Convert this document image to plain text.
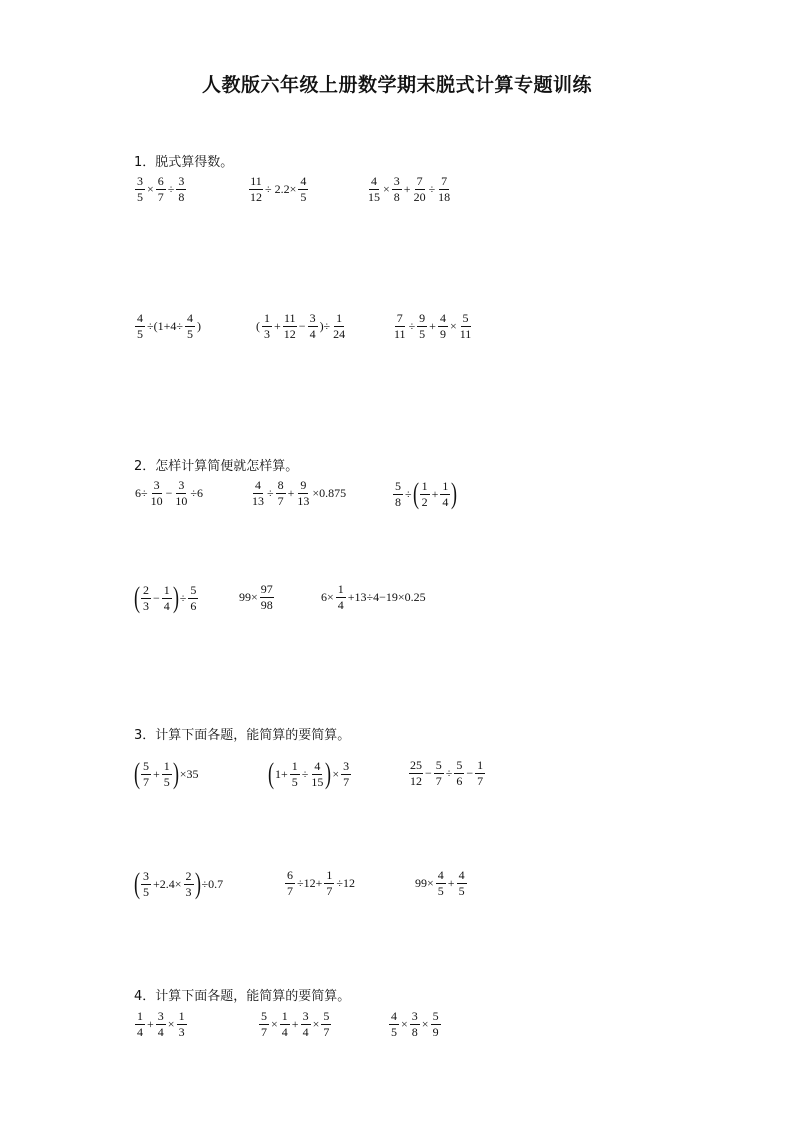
人教版六年级上册数学期末脱式计算专题训练
1．脱式算得数。
$\frac{3}{5} \times \frac{6}{7} \div \frac{3}{8}$	$\frac{11}{12} \div 2.2\times \frac{4}{5}$	$\frac{4}{15} \times \frac{3}{8} + \frac{7}{20} \div \frac{7}{18}$
$\frac{4}{5} \div(1+4\div \frac{4}{5}$ )	( $\frac{1}{3} + \frac{11}{12} - \frac{3}{4}$ )÷ $\frac{1}{24}$	$\frac{7}{11} \div \frac{9}{5} + \frac{4}{9} \times \frac{5}{11}$
2．怎样计算简便就怎样算。
$6\div \frac{3}{10} - \frac{3}{10} \div 6$	$\frac{4}{13} \div \frac{8}{7} + \frac{9}{13} \times 0.875$	$\frac{5}{8}$ ÷ ( $\frac{1}{2} + \frac{1}{4}$ )
( $\frac{2}{3} - \frac{1}{4}$ ) ÷ $\frac{5}{6}$	$99\times \frac{97}{98}$	$6\times \frac{1}{4} +13\div 4-19\times 0.25$
3．计算下面各题，能简算的要简算。
( $\frac{5}{7} + \frac{1}{5}$ ) ×35 ( $1+ \frac{1}{5} \div \frac{4}{15}$ ) × $\frac{3}{7}$	$\frac{25}{12} - \frac{5}{7} \div \frac{5}{6} - \frac{1}{7}$
( $\frac{3}{5} +2.4\times \frac{2}{3}$ ) ÷0.7	$\frac{6}{7} \div 12+ \frac{1}{7} \div 12$	$99\times \frac{4}{5} + \frac{4}{5}$
4．计算下面各题，能简算的要简算。
$\frac{1}{4} + \frac{3}{4} \times \frac{1}{3}$	$\frac{5}{7} \times \frac{1}{4} + \frac{3}{4} \times \frac{5}{7}$	$\frac{4}{5} \times \frac{3}{8} \times \frac{5}{9}$
